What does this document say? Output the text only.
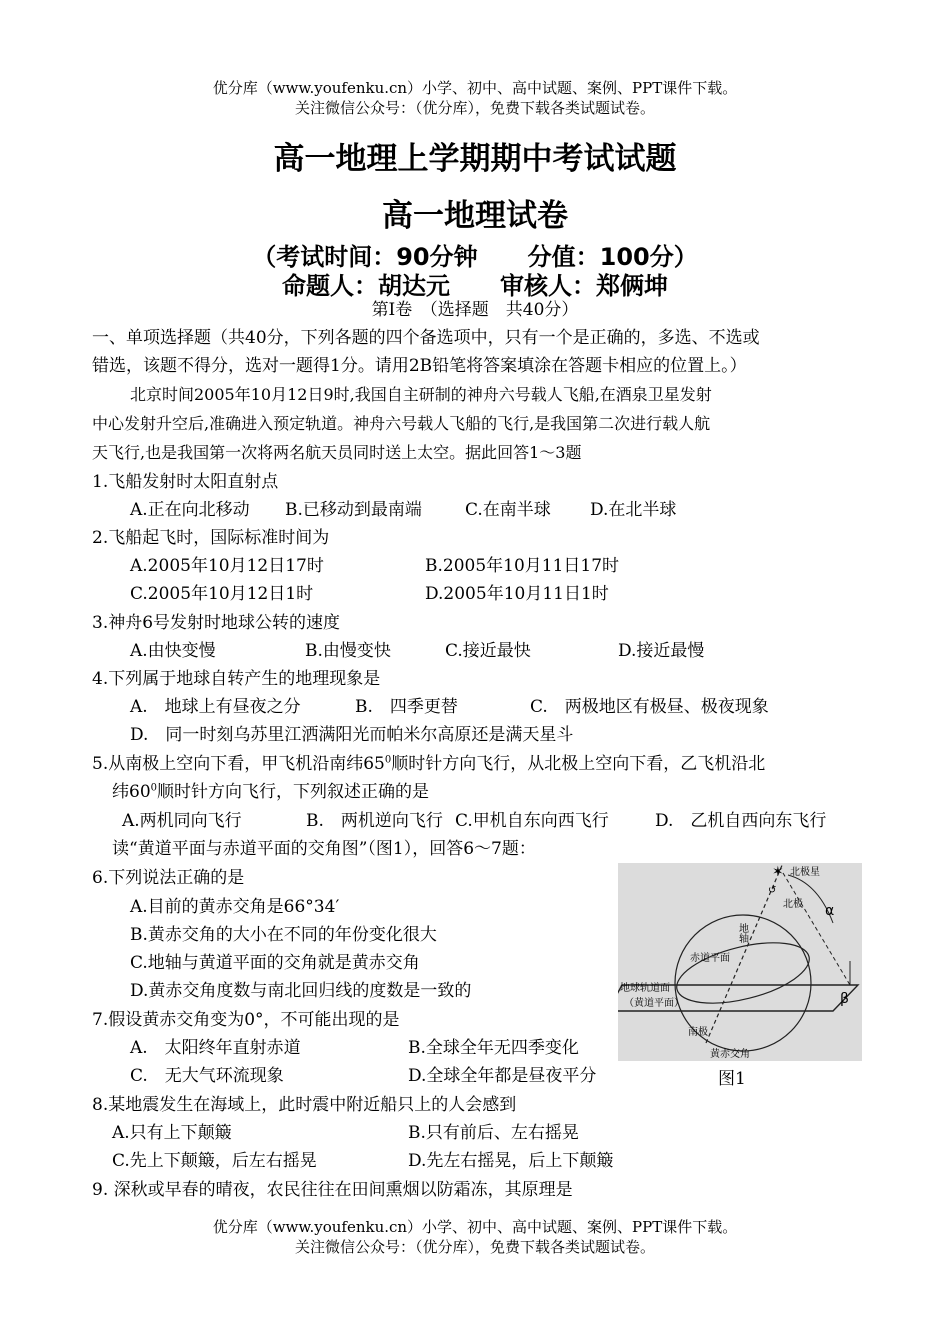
优分库（www.youfenku.cn）小学、初中、高中试题、案例、PPT课件下载。
关注微信公众号：（优分库），免费下载各类试题试卷。
高一地理上学期期中考试试题
高一地理试卷
（考试时间：90分钟 分值：100分）
命题人：胡达元 审核人：郑俩坤
第Ⅰ卷　（选择题　共40分）
一、单项选择题（共40分，下列各题的四个备选项中，只有一个是正确的，多选、不选或
错选，该题不得分，选对一题得1分。请用2B铅笔将答案填涂在答题卡相应的位置上。）
北京时间2005年10月12日9时,我国自主研制的神舟六号载人飞船,在酒泉卫星发射
中心发射升空后,准确进入预定轨道。神舟六号载人飞船的飞行,是我国第二次进行载人航
天飞行,也是我国第一次将两名航天员同时送上太空。据此回答1～3题
1.飞船发射时太阳直射点
A.正在向北移动 B.已移动到最南端	C.在南半球 D.在北半球
2.飞船起飞时，国际标准时间为
A.2005年10月12日17时	B.2005年10月11日17时
C.2005年10月12日1时	D.2005年10月11日1时
3.神舟6号发射时地球公转的速度
A.由快变慢	B.由慢变快	C.接近最快	D.接近最慢
4.下列属于地球自转产生的地理现象是
A.　地球上有昼夜之分	B.　四季更替	C.　两极地区有极昼、极夜现象
D.　同一时刻乌苏里江洒满阳光而帕米尔高原还是满天星斗
5.从南极上空向下看，甲飞机沿南纬$65^0$顺时针方向飞行，从北极上空向下看，乙飞机沿北
纬$60^0$顺时针方向飞行，下列叙述正确的是
A.两机同向飞行	B.　两机逆向飞行 C.甲机自东向西飞行	D.　乙机自西向东飞行
读“黄道平面与赤道平面的交角图”（图1），回答6～7题：
6.下列说法正确的是
A.目前的黄赤交角是66°34′
B.黄赤交角的大小在不同的年份变化很大
C.地轴与黄道平面的交角就是黄赤交角
D.黄赤交角度数与南北回归线的度数是一致的
7.假设黄赤交角变为0°，不可能出现的是
A.　太阳终年直射赤道	B.全球全年无四季变化
C.　无大气环流现象	D.全球全年都是昼夜平分
8.某地震发生在海域上，此时震中附近船只上的人会感到
A.只有上下颠簸	B.只有前后、左右摇晃
C.先上下颠簸，后左右摇晃	D.先左右摇晃，后上下颠簸
9. 深秋或早春的晴夜，农民往往在田间熏烟以防霜冻，其原理是
✶ 北极星
↺
北极
地轴
赤道平面
地球轨道面
（黄道平面）
南极
黄赤交角
α
β
图1
优分库（www.youfenku.cn）小学、初中、高中试题、案例、PPT课件下载。
关注微信公众号：（优分库），免费下载各类试题试卷。
